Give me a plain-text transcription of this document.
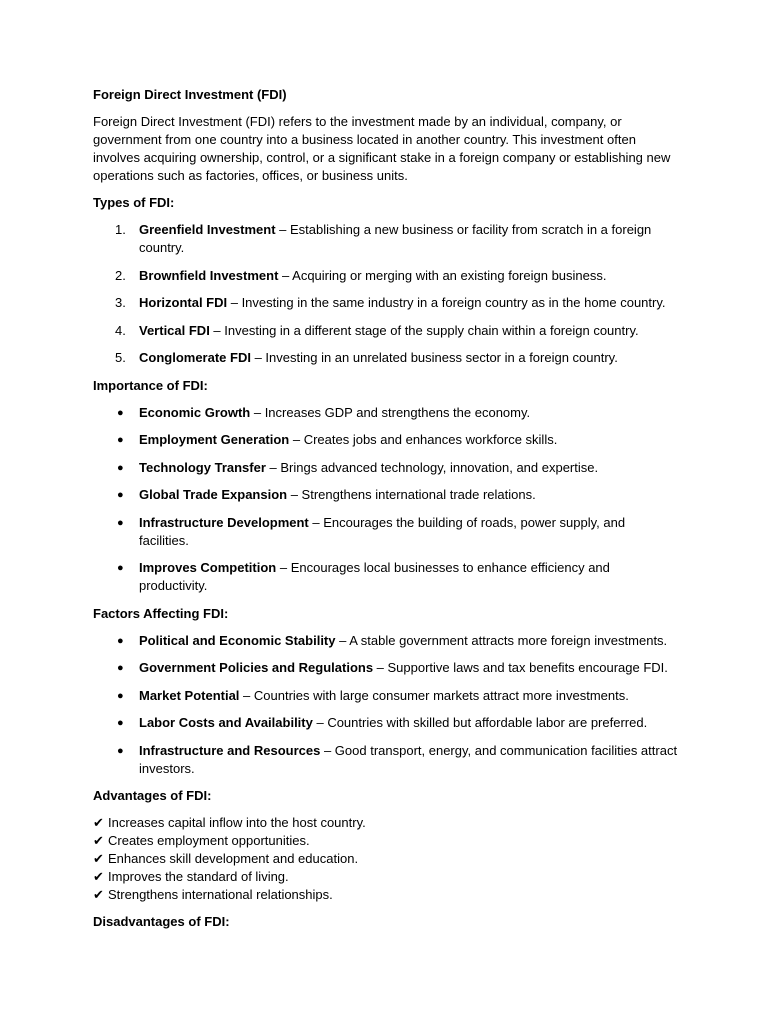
Foreign Direct Investment (FDI)
Foreign Direct Investment (FDI) refers to the investment made by an individual, company, or government from one country into a business located in another country. This investment often involves acquiring ownership, control, or a significant stake in a foreign company or establishing new operations such as factories, offices, or business units.
Types of FDI:
1. Greenfield Investment – Establishing a new business or facility from scratch in a foreign country.
2. Brownfield Investment – Acquiring or merging with an existing foreign business.
3. Horizontal FDI – Investing in the same industry in a foreign country as in the home country.
4. Vertical FDI – Investing in a different stage of the supply chain within a foreign country.
5. Conglomerate FDI – Investing in an unrelated business sector in a foreign country.
Importance of FDI:
●	Economic Growth – Increases GDP and strengthens the economy.
●	Employment Generation – Creates jobs and enhances workforce skills.
●	Technology Transfer – Brings advanced technology, innovation, and expertise.
●	Global Trade Expansion – Strengthens international trade relations.
●	Infrastructure Development – Encourages the building of roads, power supply, and facilities.
●	Improves Competition – Encourages local businesses to enhance efficiency and productivity.
Factors Affecting FDI:
●	Political and Economic Stability – A stable government attracts more foreign investments.
●	Government Policies and Regulations – Supportive laws and tax benefits encourage FDI.
●	Market Potential – Countries with large consumer markets attract more investments.
●	Labor Costs and Availability – Countries with skilled but affordable labor are preferred.
●	Infrastructure and Resources – Good transport, energy, and communication facilities attract investors.
Advantages of FDI:
✔ Increases capital inflow into the host country.
✔ Creates employment opportunities.
✔ Enhances skill development and education.
✔ Improves the standard of living.
✔ Strengthens international relationships.
Disadvantages of FDI:
